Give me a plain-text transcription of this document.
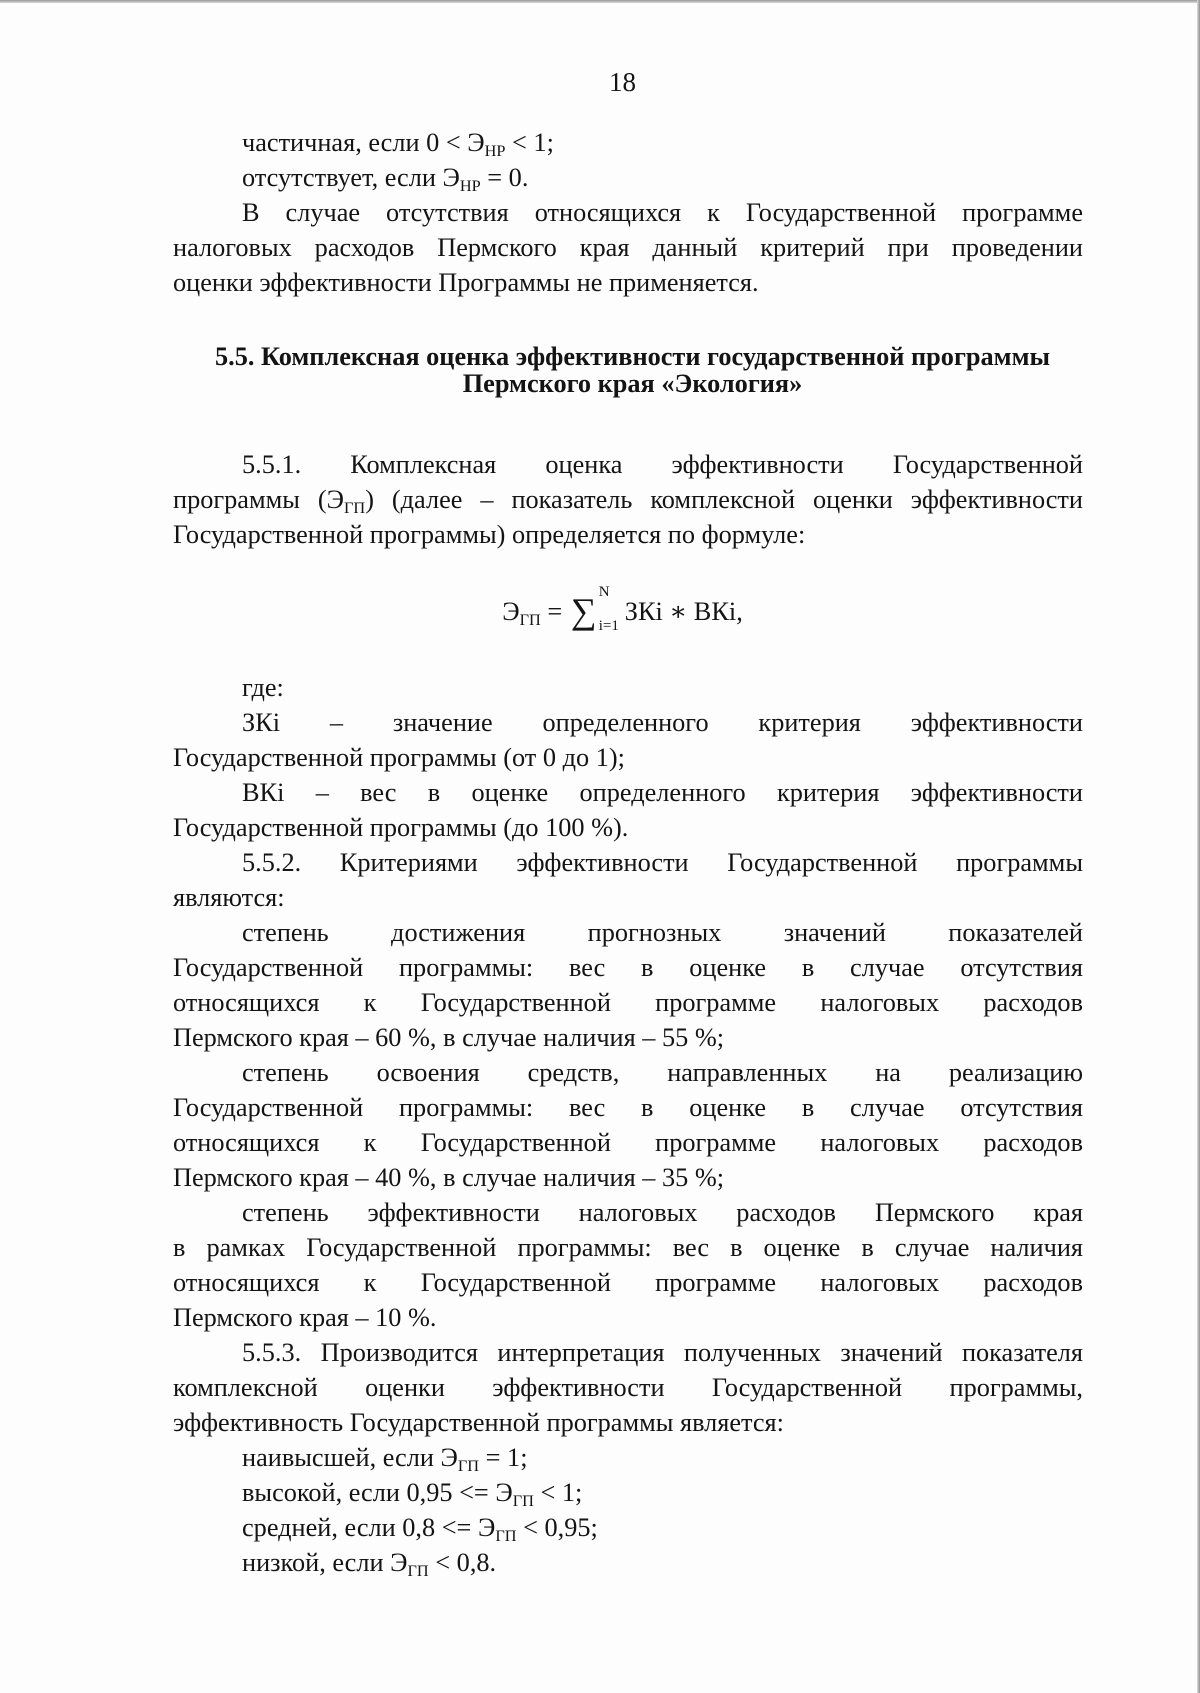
18

частичная, если $0 < Э_{НР} < 1$;

отсутствует, если $Э_{НР} = 0$.

В случае отсутствия относящихся к Государственной программе

налоговых расходов Пермского края данный критерий при проведении

оценки эффективности Программы не применяется.

5.5. Комплексная оценка эффективности государственной программы

Пермского края «Экология»

5.5.1. Комплексная оценка эффективности Государственной

программы $(Э_{ГП})$ (далее – показатель комплексной оценки эффективности

Государственной программы) определяется по формуле:

$Э_{ГП}$ = ∑ N
i=1 ЗКi ∗ ВКi,

где:

ЗКi – значение определенного критерия эффективности

Государственной программы (от 0 до 1);

ВКi – вес в оценке определенного критерия эффективности

Государственной программы (до 100 %).

5.5.2. Критериями эффективности Государственной программы

являются:

степень достижения прогнозных значений показателей

Государственной программы: вес в оценке в случае отсутствия

относящихся к Государственной программе налоговых расходов

Пермского края – 60 %, в случае наличия – 55 %;

степень освоения средств, направленных на реализацию

Государственной программы: вес в оценке в случае отсутствия

относящихся к Государственной программе налоговых расходов

Пермского края – 40 %, в случае наличия – 35 %;

степень эффективности налоговых расходов Пермского края

в рамках Государственной программы: вес в оценке в случае наличия

относящихся к Государственной программе налоговых расходов

Пермского края – 10 %.

5.5.3. Производится интерпретация полученных значений показателя

комплексной оценки эффективности Государственной программы,

эффективность Государственной программы является:

наивысшей, если $Э_{ГП} = 1$;

высокой, если $0,95 <= Э_{ГП} < 1$;

средней, если $0,8 <= Э_{ГП} < 0,95$;

низкой, если $Э_{ГП} < 0,8$.
